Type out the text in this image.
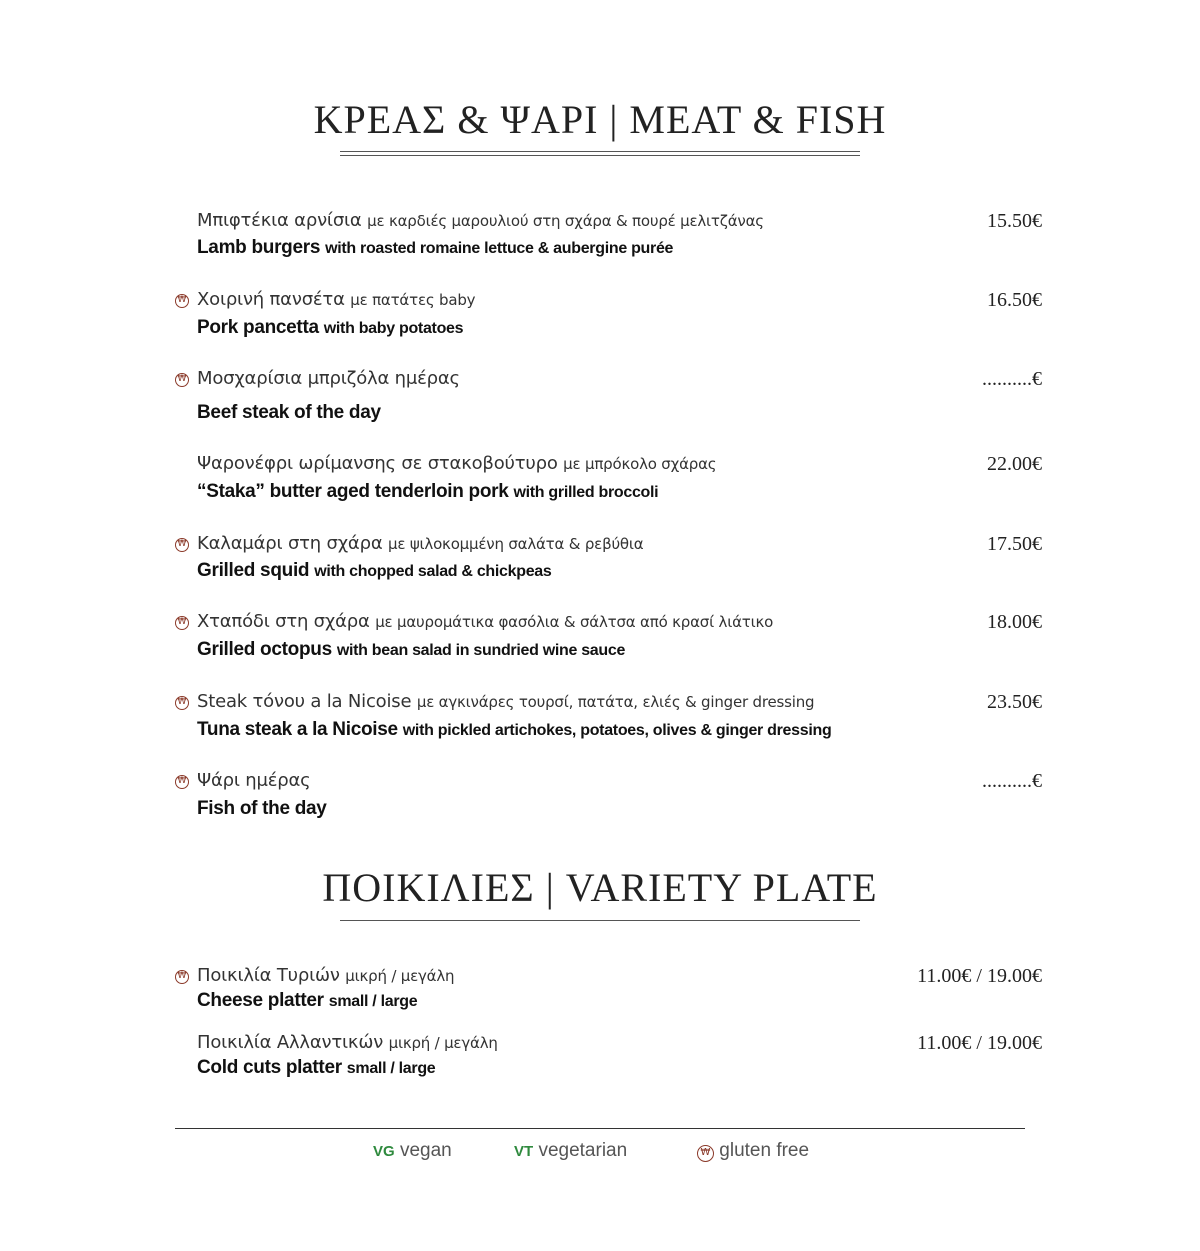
ΚΡΕΑΣ & ΨΑΡΙ | MEAT & FISH
Μπιφτέκια αρνίσια με καρδιές μαρουλιού στη σχάρα & πουρέ μελιτζάνας
Lamb burgers with roasted romaine lettuce & aubergine purée
15.50€
₩ Χοιρινή πανσέτα με πατάτες baby
Pork pancetta with baby potatoes
16.50€
₩ Μοσχαρίσια μπριζόλα ημέρας
Beef steak of the day
..........€
Ψαρονέφρι ωρίμανσης σε στακοβούτυρο με μπρόκολο σχάρας
“Staka” butter aged tenderloin pork with grilled broccoli
22.00€
₩ Καλαμάρι στη σχάρα με ψιλοκομμένη σαλάτα & ρεβύθια
Grilled squid with chopped salad & chickpeas
17.50€
₩ Χταπόδι στη σχάρα με μαυρομάτικα φασόλια & σάλτσα από κρασί λιάτικο
Grilled octopus with bean salad in sundried wine sauce
18.00€
₩ Steak τόνου a la Nicoise με αγκινάρες τουρσί, πατάτα, ελιές & ginger dressing
Tuna steak a la Nicoise with pickled artichokes, potatoes, olives & ginger dressing
23.50€
₩ Ψάρι ημέρας
Fish of the day
..........€
ΠΟΙΚΙΛΙΕΣ | VARIETY PLATE
₩ Ποικιλία Τυριών μικρή / μεγάλη
Cheese platter small / large
11.00€ / 19.00€
Ποικιλία Αλλαντικών μικρή / μεγάλη
Cold cuts platter small / large
11.00€ / 19.00€
VG vegan	VT vegetarian	₩ gluten free
